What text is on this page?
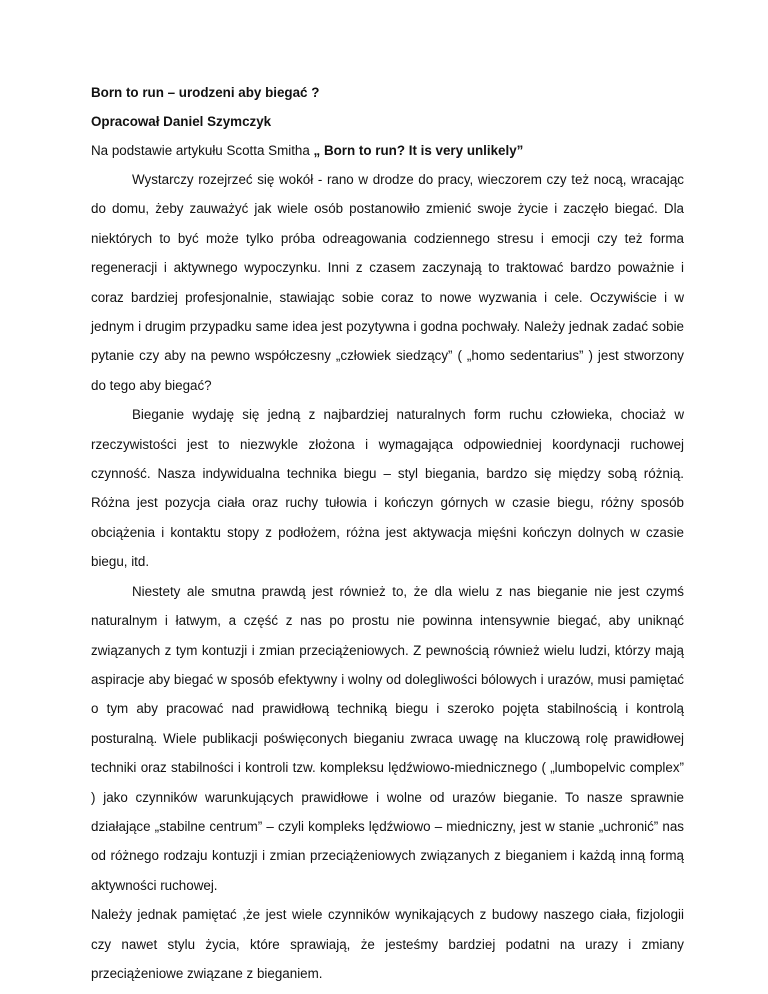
Born to run – urodzeni aby biegać ?

Opracował Daniel Szymczyk

Na podstawie artykułu Scotta Smitha „ Born to run? It is very unlikely”

Wystarczy rozejrzeć się wokół - rano w drodze do pracy, wieczorem czy też nocą, wracając do domu, żeby zauważyć jak wiele osób postanowiło zmienić swoje życie i zaczęło biegać. Dla niektórych to być może tylko próba odreagowania codziennego stresu i emocji czy też forma regeneracji i aktywnego wypoczynku. Inni z czasem zaczynają to traktować bardzo poważnie i coraz bardziej profesjonalnie, stawiając sobie coraz to nowe wyzwania i cele. Oczywiście i w jednym i drugim przypadku same idea jest pozytywna i godna pochwały. Należy jednak zadać sobie pytanie czy aby na pewno współczesny „człowiek siedzący” ( „homo sedentarius” ) jest stworzony do tego aby biegać?

Bieganie wydaję się jedną z najbardziej naturalnych form ruchu człowieka, chociaż w rzeczywistości jest to niezwykle złożona i wymagająca odpowiedniej koordynacji ruchowej czynność. Nasza indywidualna technika biegu – styl biegania, bardzo się między sobą różnią. Różna jest pozycja ciała oraz ruchy tułowia i kończyn górnych w czasie biegu, różny sposób obciążenia i kontaktu stopy z podłożem, różna jest aktywacja mięśni kończyn dolnych w czasie biegu, itd.

Niestety ale smutna prawdą jest również to, że dla wielu z nas bieganie nie jest czymś naturalnym i łatwym, a część z nas po prostu nie powinna intensywnie biegać, aby uniknąć związanych z tym kontuzji i zmian przeciążeniowych. Z pewnością również wielu ludzi, którzy mają aspiracje aby biegać w sposób efektywny i wolny od dolegliwości bólowych i urazów, musi pamiętać o tym aby pracować nad prawidłową techniką biegu i szeroko pojęta stabilnością i kontrolą posturalną. Wiele publikacji poświęconych bieganiu zwraca uwagę na kluczową rolę prawidłowej techniki oraz stabilności i kontroli tzw. kompleksu lędźwiowo-miednicznego ( „lumbopelvic complex” ) jako czynników warunkujących prawidłowe i wolne od urazów bieganie. To nasze sprawnie działające „stabilne centrum” – czyli kompleks lędźwiowo – miedniczny, jest w stanie „uchronić” nas od różnego rodzaju kontuzji i zmian przeciążeniowych związanych z bieganiem i każdą inną formą aktywności ruchowej.

Należy jednak pamiętać ,że jest wiele czynników wynikających z budowy naszego ciała, fizjologii czy nawet stylu życia, które sprawiają, że jesteśmy bardziej podatni na urazy i zmiany przeciążeniowe związane z bieganiem.
